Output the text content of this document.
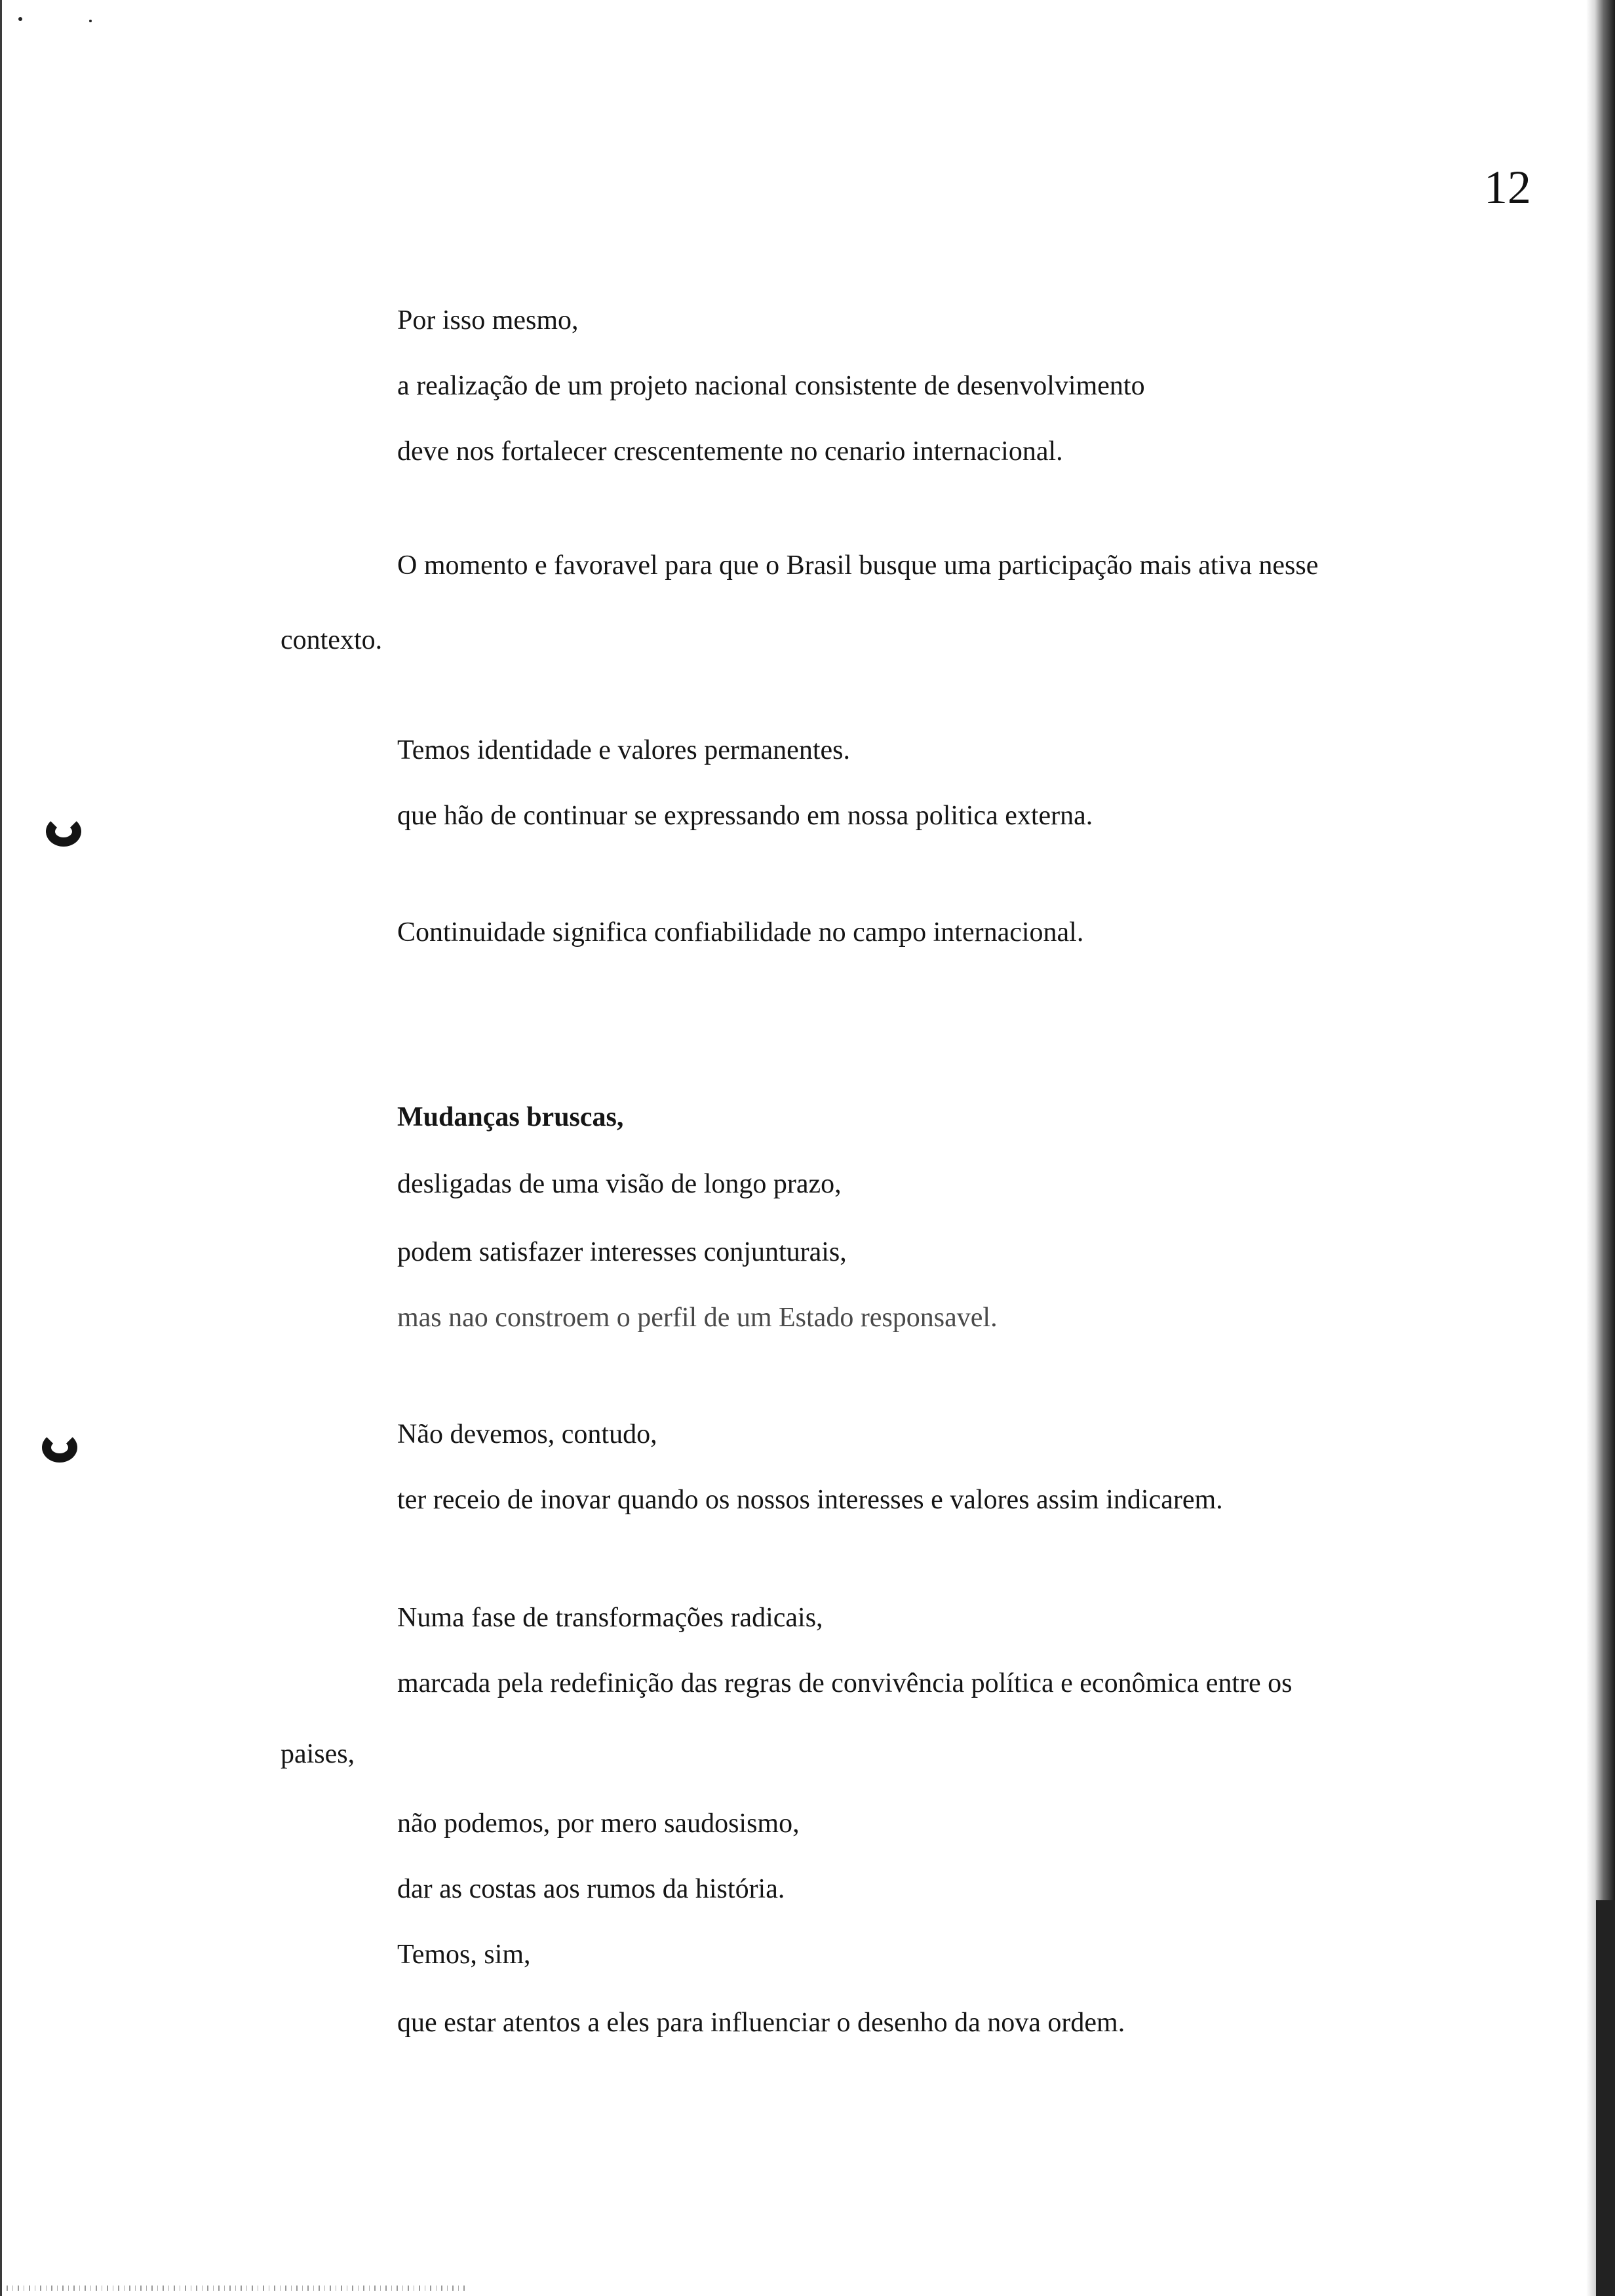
12
Por isso mesmo,
a realização de um projeto nacional consistente de desenvolvimento
deve nos fortalecer crescentemente no cenario internacional.
O momento e favoravel para que o Brasil busque uma participação mais ativa nesse
contexto.
Temos identidade e valores permanentes.
que hão de continuar se expressando em nossa politica externa.
Continuidade significa confiabilidade no campo internacional.
Mudanças bruscas,
desligadas de uma visão de longo prazo,
podem satisfazer interesses conjunturais,
mas nao constroem o perfil de um Estado responsavel.
Não devemos, contudo,
ter receio de inovar quando os nossos interesses e valores assim indicarem.
Numa fase de transformações radicais,
marcada pela redefinição das regras de convivência política e econômica entre os
paises,
não podemos, por mero saudosismo,
dar as costas aos rumos da história.
Temos, sim,
que estar atentos a eles para influenciar o desenho da nova ordem.
